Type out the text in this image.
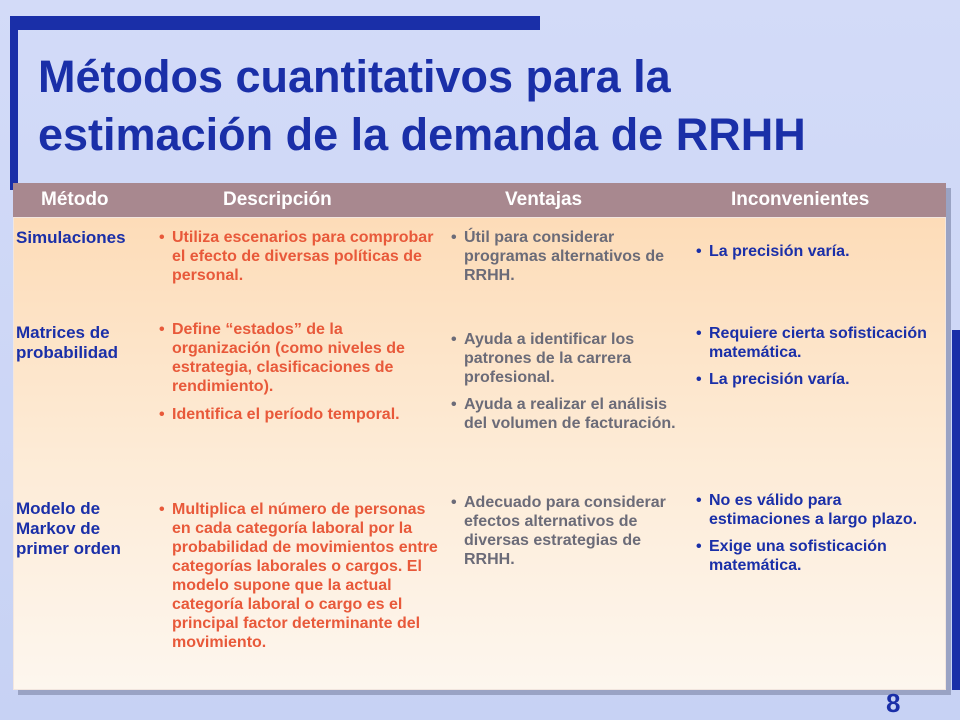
Métodos cuantitativos para la estimación de la demanda de RRHH
Método	Descripción	Ventajas	Inconvenientes
Simulaciones
•	Utiliza escenarios para comprobar el efecto de diversas políticas de personal.
• Útil para considerar programas alternativos de RRHH.
• La precisión varía.
Matrices de probabilidad
• Define “estados” de la organización (como niveles de estrategia, clasificaciones de rendimiento).
• Identifica el período temporal.
• Ayuda a identificar los patrones de la carrera profesional.
• Ayuda a realizar el análisis del volumen de facturación.
• Requiere cierta sofisticación matemática.
• La precisión varía.
Modelo de Markov de primer orden
• Multiplica el número de personas en cada categoría laboral por la probabilidad de movimientos entre categorías laborales o cargos. El modelo supone que la actual categoría laboral o cargo es el principal factor determinante del movimiento.
• Adecuado para considerar efectos alternativos de diversas estrategias de RRHH.
• No es válido para estimaciones a largo plazo.
• Exige una sofisticación matemática.
8
